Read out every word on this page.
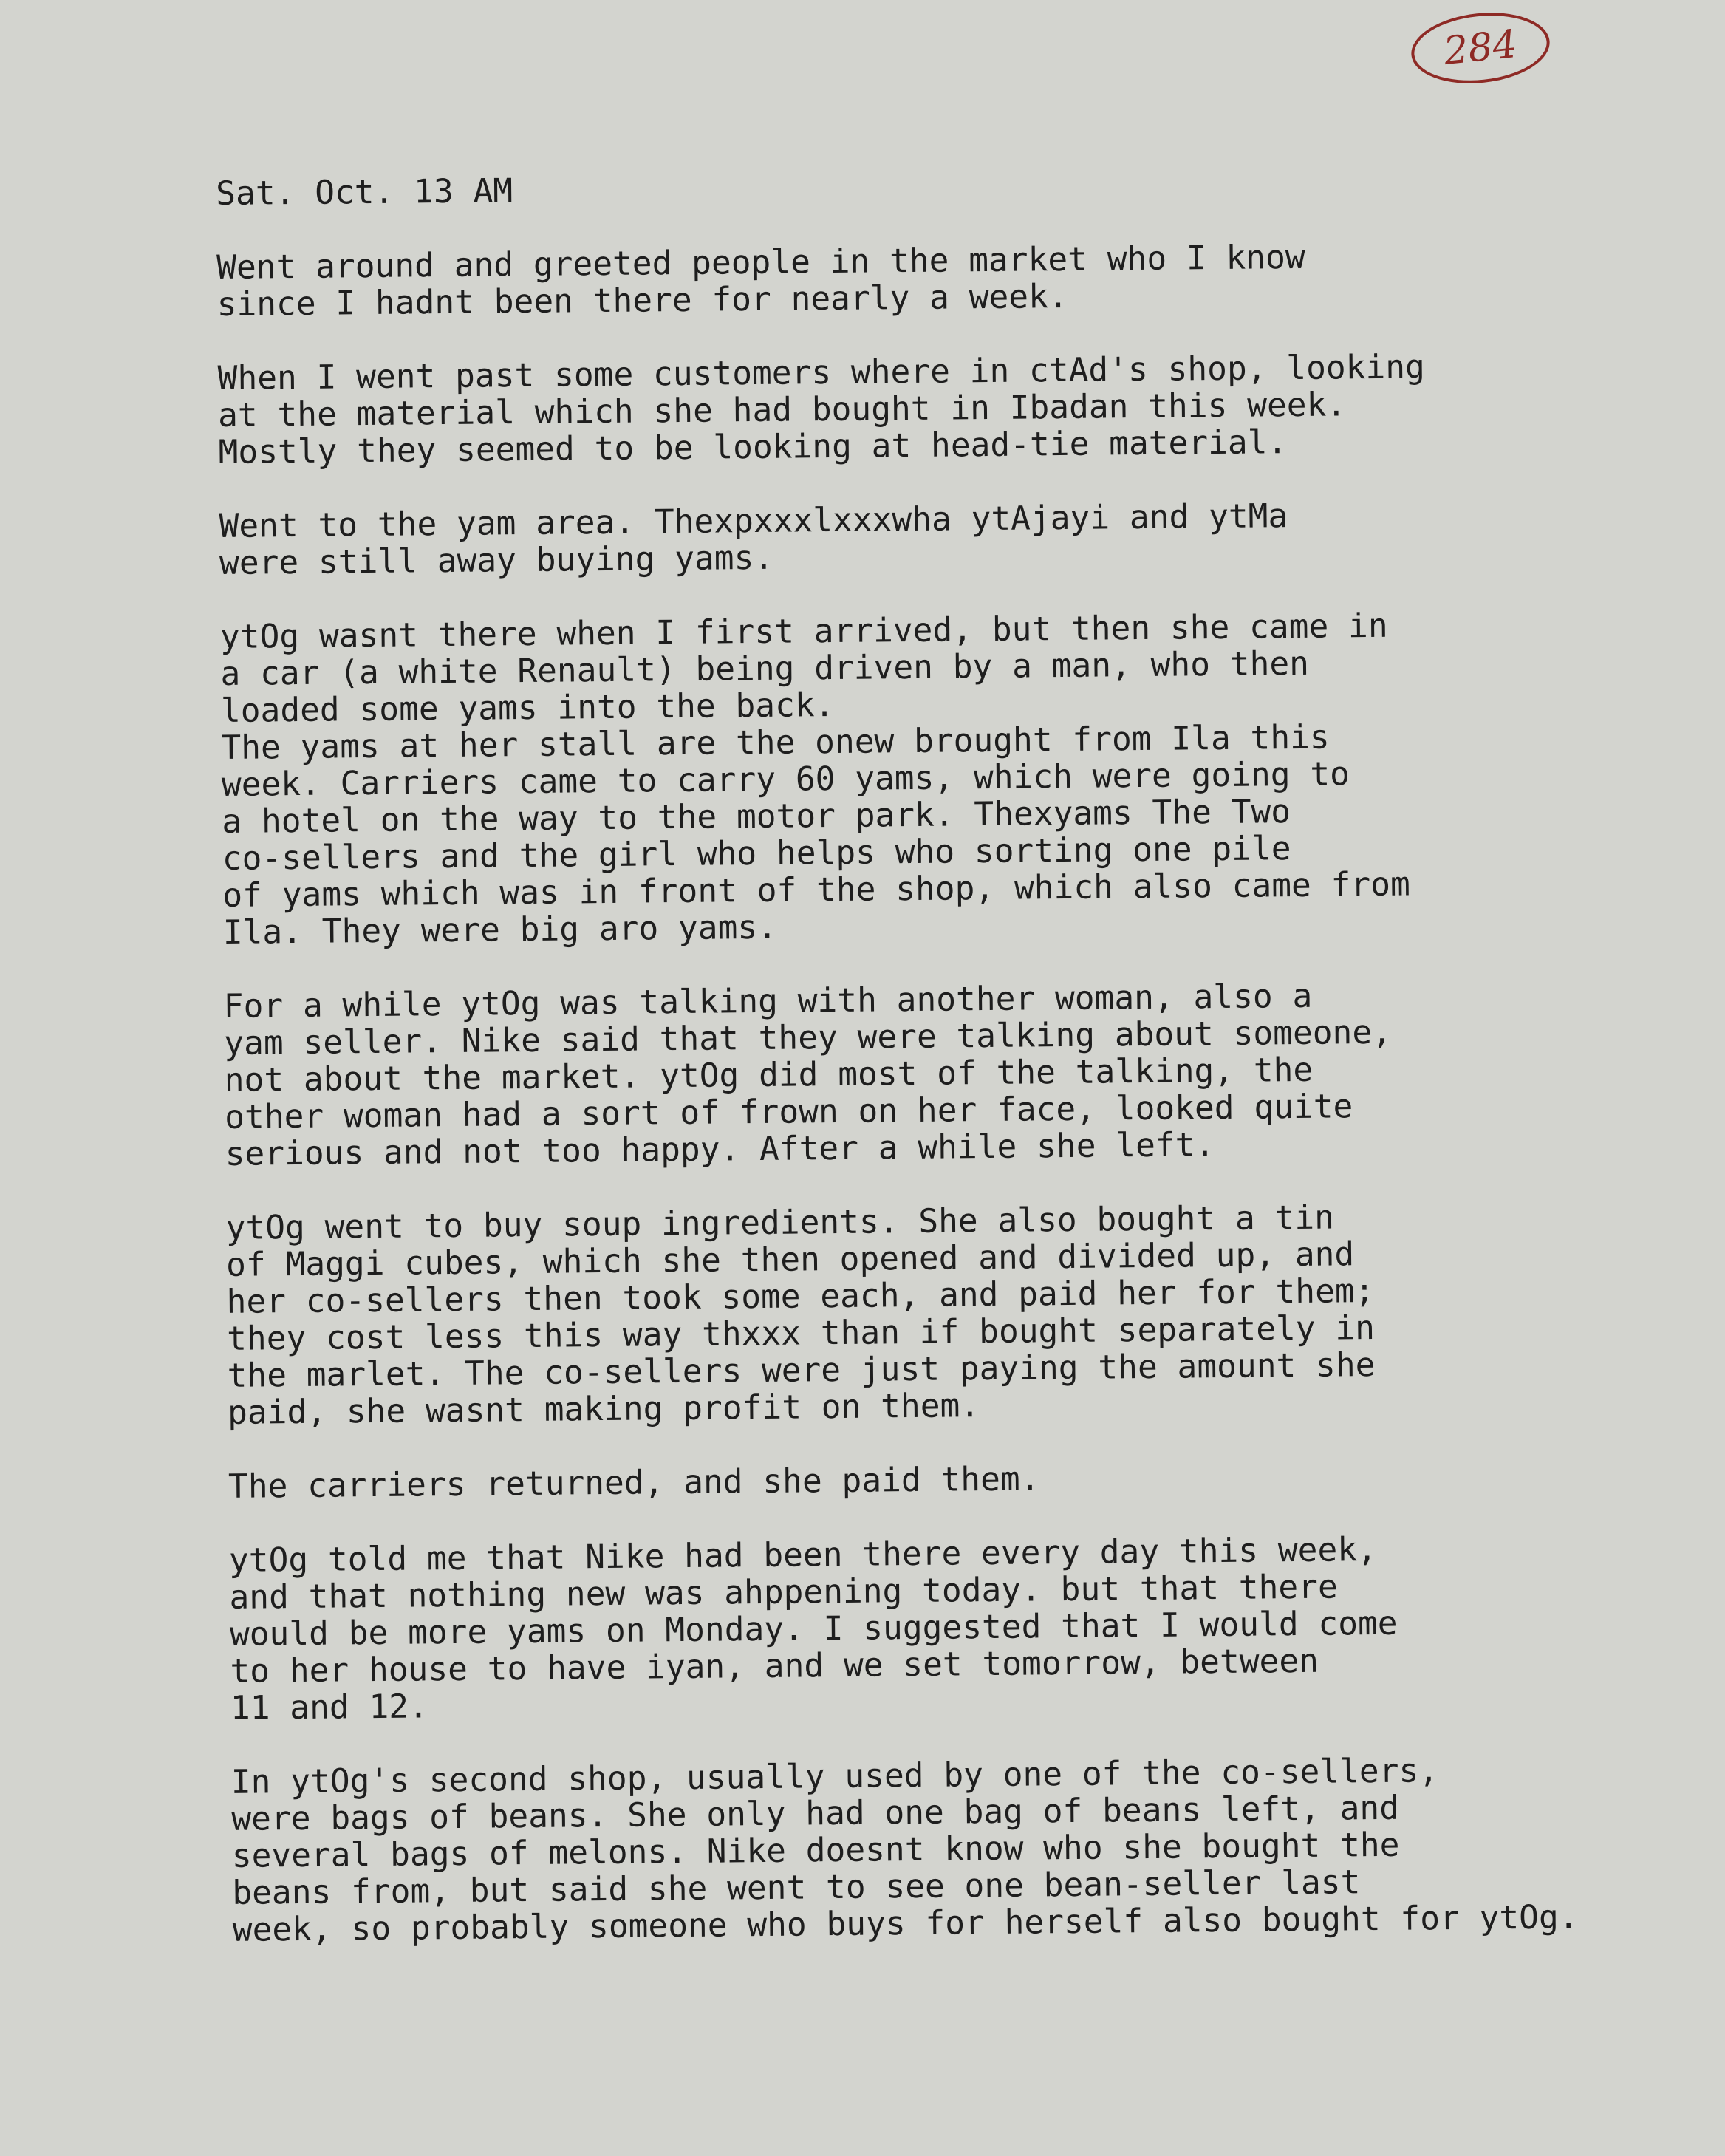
284
Sat. Oct. 13 AM
Went around and greeted people in the market who I know
since I hadnt been there for nearly a week.
When I went past some customers where in ctAd's shop, looking
at the material which she had bought in Ibadan this week.
Mostly they seemed to be looking at head-tie material.
Went to the yam area. Thexpxxxlxxxwha ytAjayi and ytMa
were still away buying yams.
ytOg wasnt there when I first arrived, but then she came in
a car (a white Renault) being driven by a man, who then
loaded some yams into the back.
The yams at her stall are the onew brought from Ila this
week. Carriers came to carry 60 yams, which were going to
a hotel on the way to the motor park. Thexyams The Two
co-sellers and the girl who helps who sorting one pile
of yams which was in front of the shop, which also came from
Ila. They were big aro yams.
For a while ytOg was talking with another woman, also a
yam seller. Nike said that they were talking about someone,
not about the market. ytOg did most of the talking, the
other woman had a sort of frown on her face, looked quite
serious and not too happy. After a while she left.
ytOg went to buy soup ingredients. She also bought a tin
of Maggi cubes, which she then opened and divided up, and
her co-sellers then took some each, and paid her for them;
they cost less this way thxxx than if bought separately in
the marlet. The co-sellers were just paying the amount she
paid, she wasnt making profit on them.
The carriers returned, and she paid them.
ytOg told me that Nike had been there every day this week,
and that nothing new was ahppening today. but that there
would be more yams on Monday. I suggested that I would come
to her house to have iyan, and we set tomorrow, between
11 and 12.
In ytOg's second shop, usually used by one of the co-sellers,
were bags of beans. She only had one bag of beans left, and
several bags of melons. Nike doesnt know who she bought the
beans from, but said she went to see one bean-seller last
week, so probably someone who buys for herself also bought for ytOg.
